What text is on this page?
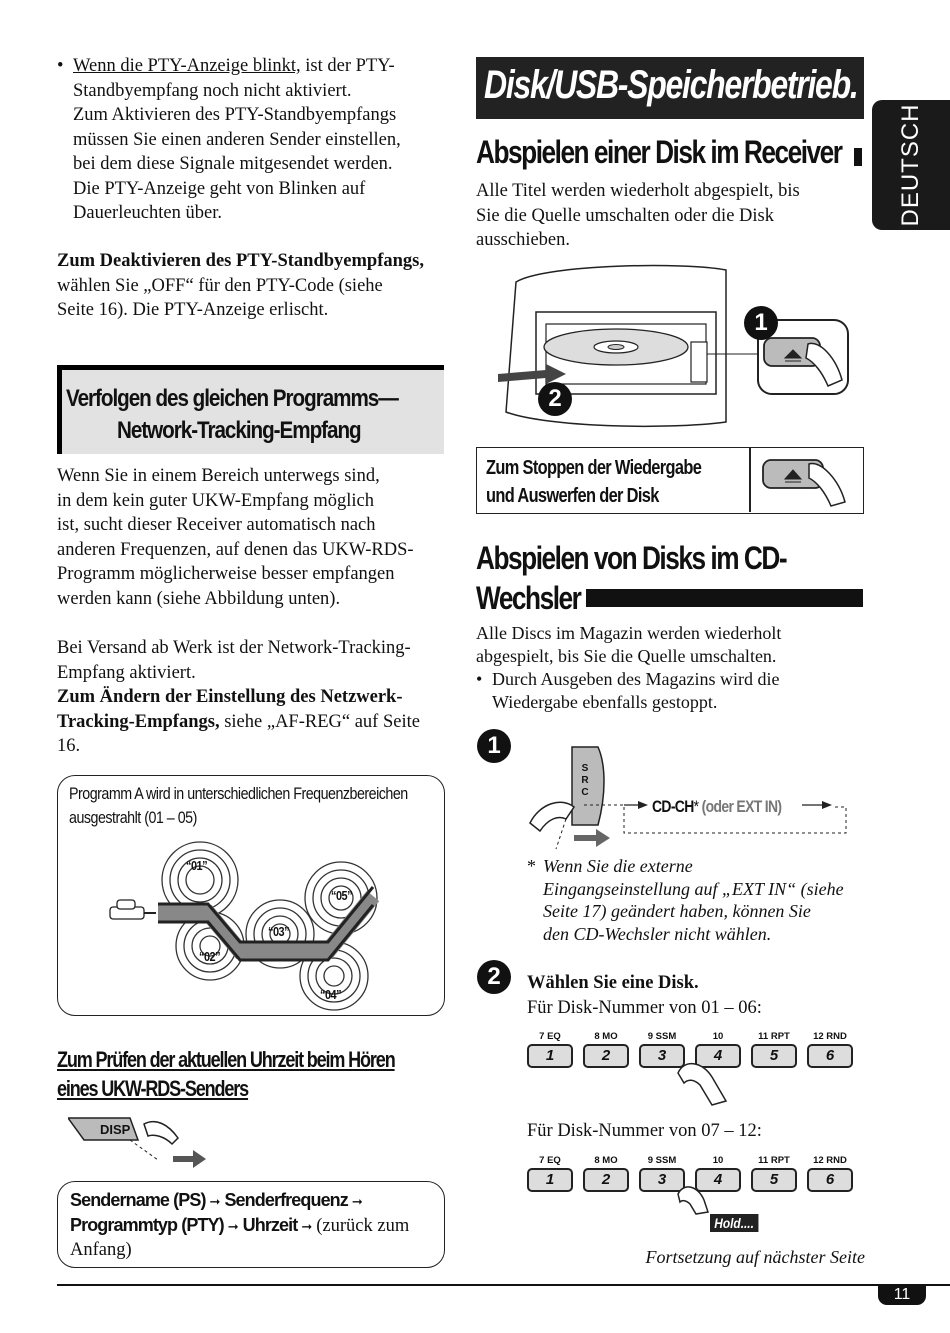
• Wenn die PTY-Anzeige blinkt, ist der PTY-

Standbyempfang noch nicht aktiviert.

Zum Aktivieren des PTY-Standbyempfangs

müssen Sie einen anderen Sender einstellen,

bei dem diese Signale mitgesendet werden.

Die PTY-Anzeige geht von Blinken auf

Dauerleuchten über.

Zum Deaktivieren des PTY-Standbyempfangs,

wählen Sie „OFF“ für den PTY-Code (siehe

Seite 16). Die PTY-Anzeige erlischt.

Verfolgen des gleichen Programms—
Network-Tracking-Empfang

Wenn Sie in einem Bereich unterwegs sind,

in dem kein guter UKW-Empfang möglich

ist, sucht dieser Receiver automatisch nach

anderen Frequenzen, auf denen das UKW-RDS-

Programm möglicherweise besser empfangen

werden kann (siehe Abbildung unten).

Bei Versand ab Werk ist der Network-Tracking-

Empfang aktiviert.

Zum Ändern der Einstellung des Netzwerk-

Tracking-Empfangs, siehe „AF-REG“ auf Seite

16.

Programm A wird in unterschiedlichen Frequenzbereichen
ausgestrahlt (01 – 05)
“01”
“02”
“03”
“04”
“05”
Zum Prüfen der aktuellen Uhrzeit beim Hören
eines UKW-RDS-Senders
DISP
Sendername (PS) ➞ Senderfrequenz ➞
Programmtyp (PTY) ➞ Uhrzeit ➞ (zurück zum
Anfang)
Disk/USB-Speicherbetrieb.
DEUTSCH
Abspielen einer Disk im Receiver

Alle Titel werden wiederholt abgespielt, bis

Sie die Quelle umschalten oder die Disk

ausschieben.

1
2
Zum Stoppen der Wiedergabe
und Auswerfen der Disk
Abspielen von Disks im CD-
Wechsler

Alle Discs im Magazin werden wiederholt

abgespielt, bis Sie die Quelle umschalten.

• Durch Ausgeben des Magazins wird die

Wiedergabe ebenfalls gestoppt.

1
S
R
C
CD-CH* (oder EXT IN)
* Wenn Sie die externe

Eingangseinstellung auf „EXT IN“ (siehe

Seite 17) geändert haben, können Sie

den CD-Wechsler nicht wählen.

2	Wählen Sie eine Disk.

Für Disk-Nummer von 01 – 06:

7 EQ
1
8 MO
2
9 SSM
3
10
4
11 RPT
5
12 RND
6
Für Disk-Nummer von 07 – 12:
7 EQ
1
8 MO
2
9 SSM
3
10
4
11 RPT
5
12 RND
6
Hold....
Fortsetzung auf nächster Seite
11
